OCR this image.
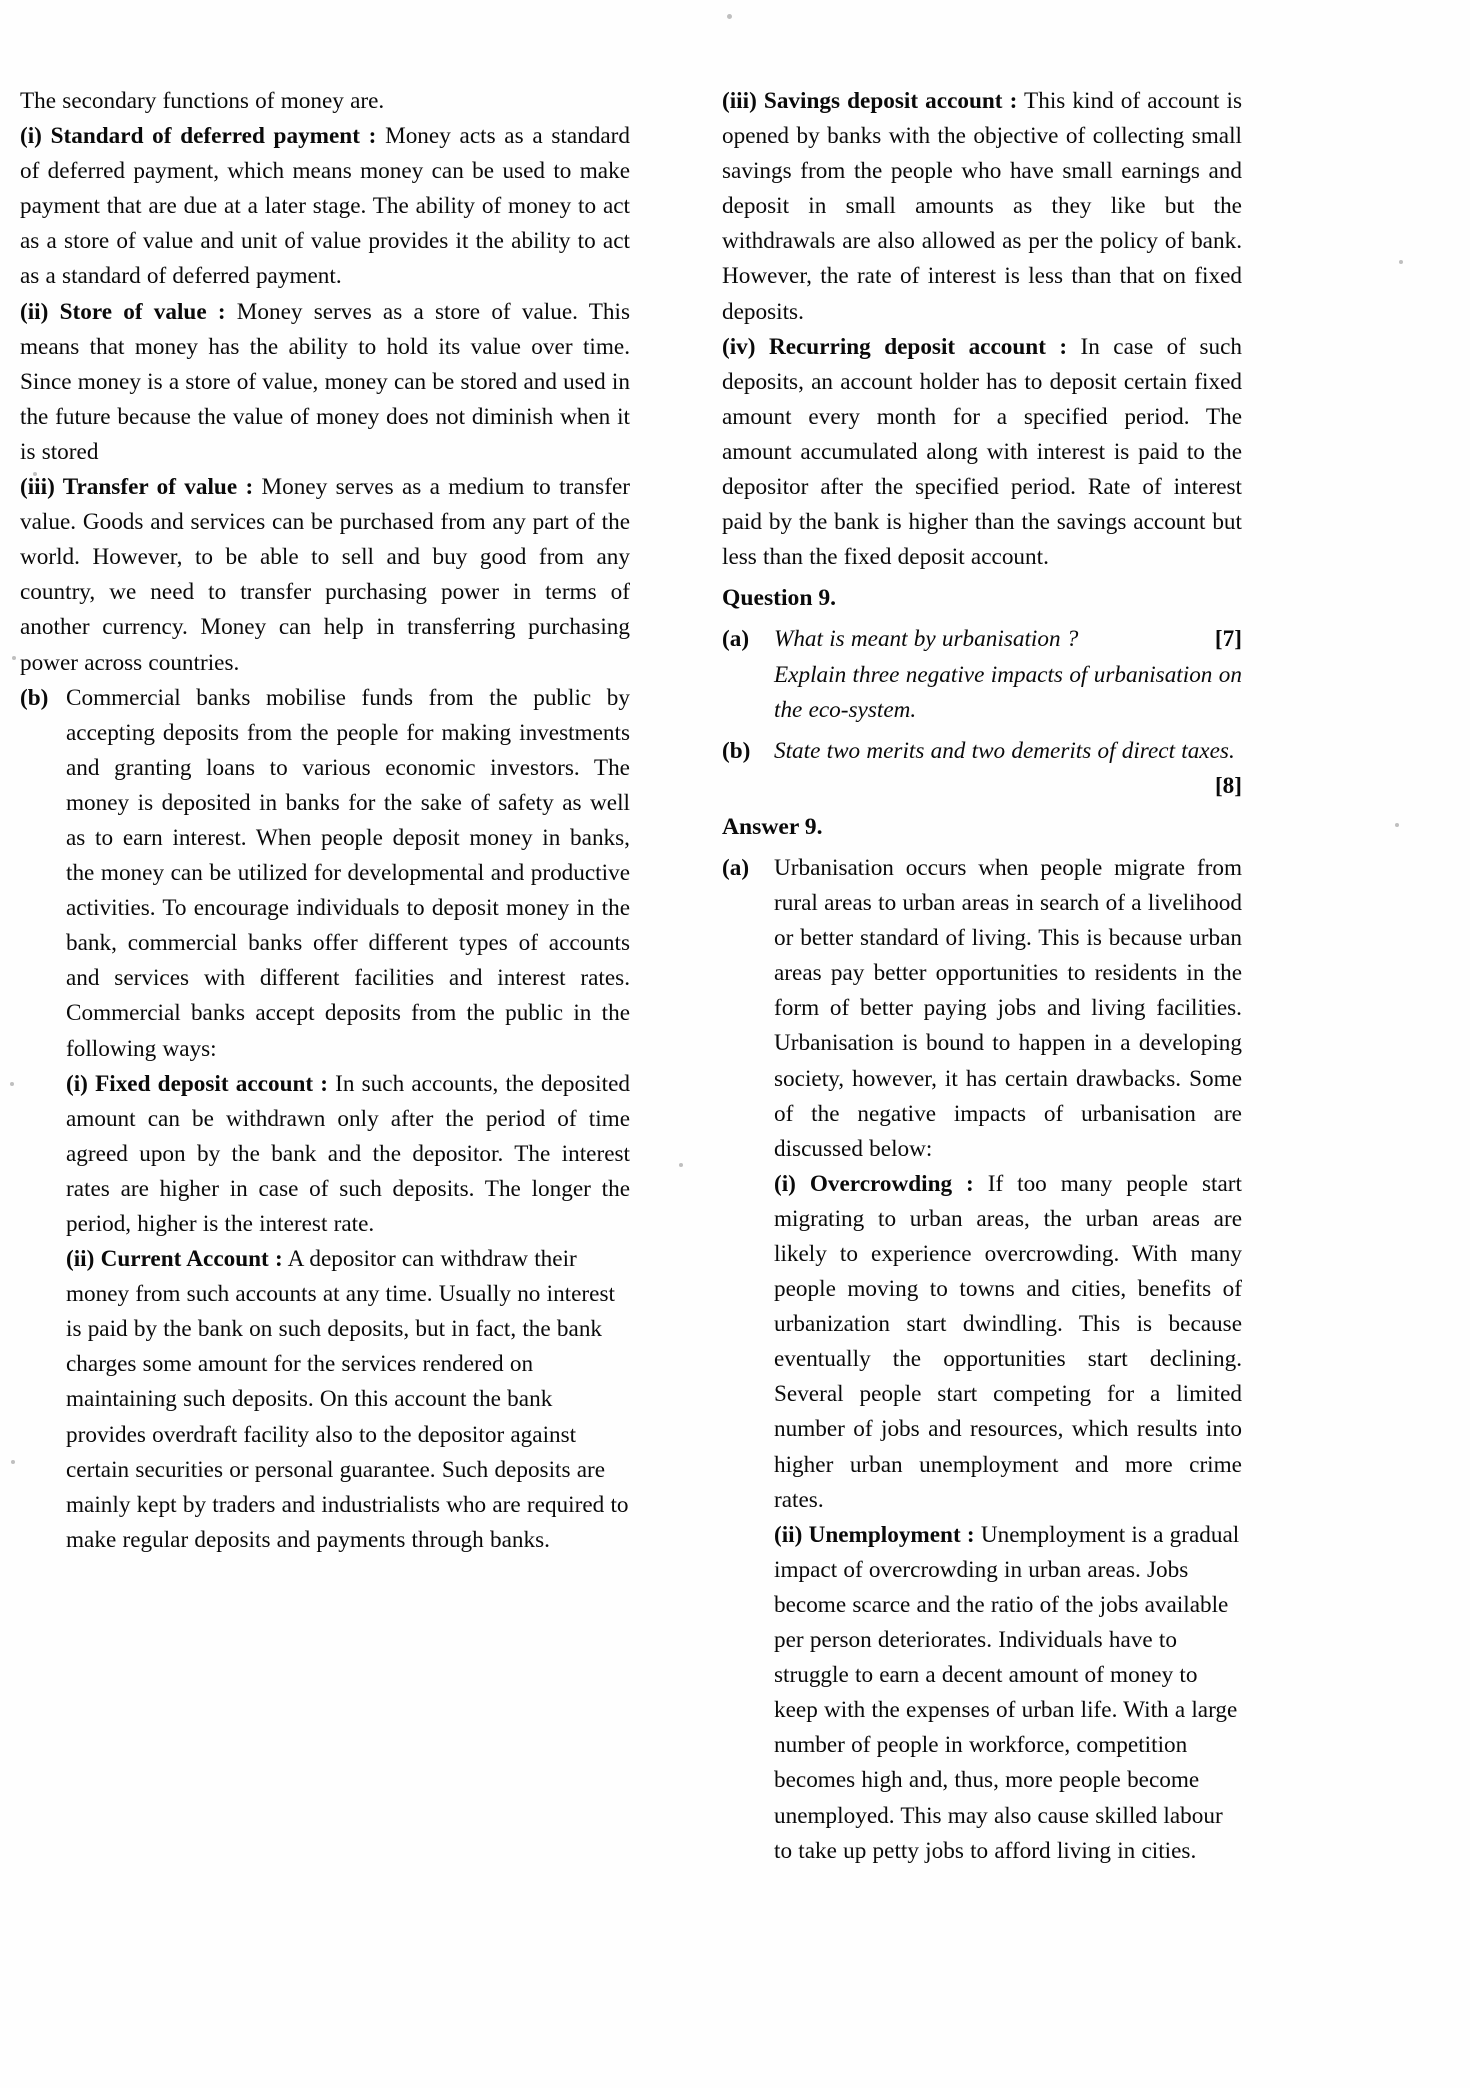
The secondary functions of money are.

(i) Standard of deferred payment : Money acts as a standard of deferred payment, which means money can be used to make payment that are due at a later stage. The ability of money to act as a store of value and unit of value provides it the ability to act as a standard of deferred payment.

(ii) Store of value : Money serves as a store of value. This means that money has the ability to hold its value over time. Since money is a store of value, money can be stored and used in the future because the value of money does not diminish when it is stored

(iii) Transfer of value : Money serves as a medium to transfer value. Goods and services can be purchased from any part of the world. However, to be able to sell and buy good from any country, we need to transfer purchasing power in terms of another currency. Money can help in transferring purchasing power across countries.

(b) Commercial banks mobilise funds from the public by accepting deposits from the people for making investments and granting loans to various economic investors. The money is deposited in banks for the sake of safety as well as to earn interest. When people deposit money in banks, the money can be utilized for developmental and productive activities. To encourage individuals to deposit money in the bank, commercial banks offer different types of accounts and services with different facilities and interest rates. Commercial banks accept deposits from the public in the following ways:

(i) Fixed deposit account : In such accounts, the deposited amount can be withdrawn only after the period of time agreed upon by the bank and the depositor. The interest rates are higher in case of such deposits. The longer the period, higher is the interest rate.

(ii) Current Account : A depositor can withdraw their money from such accounts at any time. Usually no interest is paid by the bank on such deposits, but in fact, the bank charges some amount for the services rendered on maintaining such deposits. On this account the bank provides overdraft facility also to the depositor against certain securities or personal guarantee. Such deposits are mainly kept by traders and industrialists who are required to make regular deposits and payments through banks.

(iii) Savings deposit account : This kind of account is opened by banks with the objective of collecting small savings from the people who have small earnings and deposit in small amounts as they like but the withdrawals are also allowed as per the policy of bank. However, the rate of interest is less than that on fixed deposits.

(iv) Recurring deposit account : In case of such deposits, an account holder has to deposit certain fixed amount every month for a specified period. The amount accumulated along with interest is paid to the depositor after the specified period. Rate of interest paid by the bank is higher than the savings account but less than the fixed deposit account.

Question 9.

(a)	[7]
What is meant by urbanisation ?

Explain three negative impacts of urbanisation on the eco-system.

(b) State two merits and two demerits of direct taxes.

[8]

Answer 9.

(a) Urbanisation occurs when people migrate from rural areas to urban areas in search of a livelihood or better standard of living. This is because urban areas pay better opportunities to residents in the form of better paying jobs and living facilities. Urbanisation is bound to happen in a developing society, however, it has certain drawbacks. Some of the negative impacts of urbanisation are discussed below:

(i) Overcrowding : If too many people start migrating to urban areas, the urban areas are likely to experience overcrowding. With many people moving to towns and cities, benefits of urbanization start dwindling. This is because eventually the opportunities start declining. Several people start competing for a limited number of jobs and resources, which results into higher urban unemployment and more crime rates.

(ii) Unemployment : Unemployment is a gradual impact of overcrowding in urban areas. Jobs become scarce and the ratio of the jobs available per person deteriorates. Individuals have to struggle to earn a decent amount of money to keep with the expenses of urban life. With a large number of people in workforce, competition becomes high and, thus, more people become unemployed. This may also cause skilled labour to take up petty jobs to afford living in cities.
